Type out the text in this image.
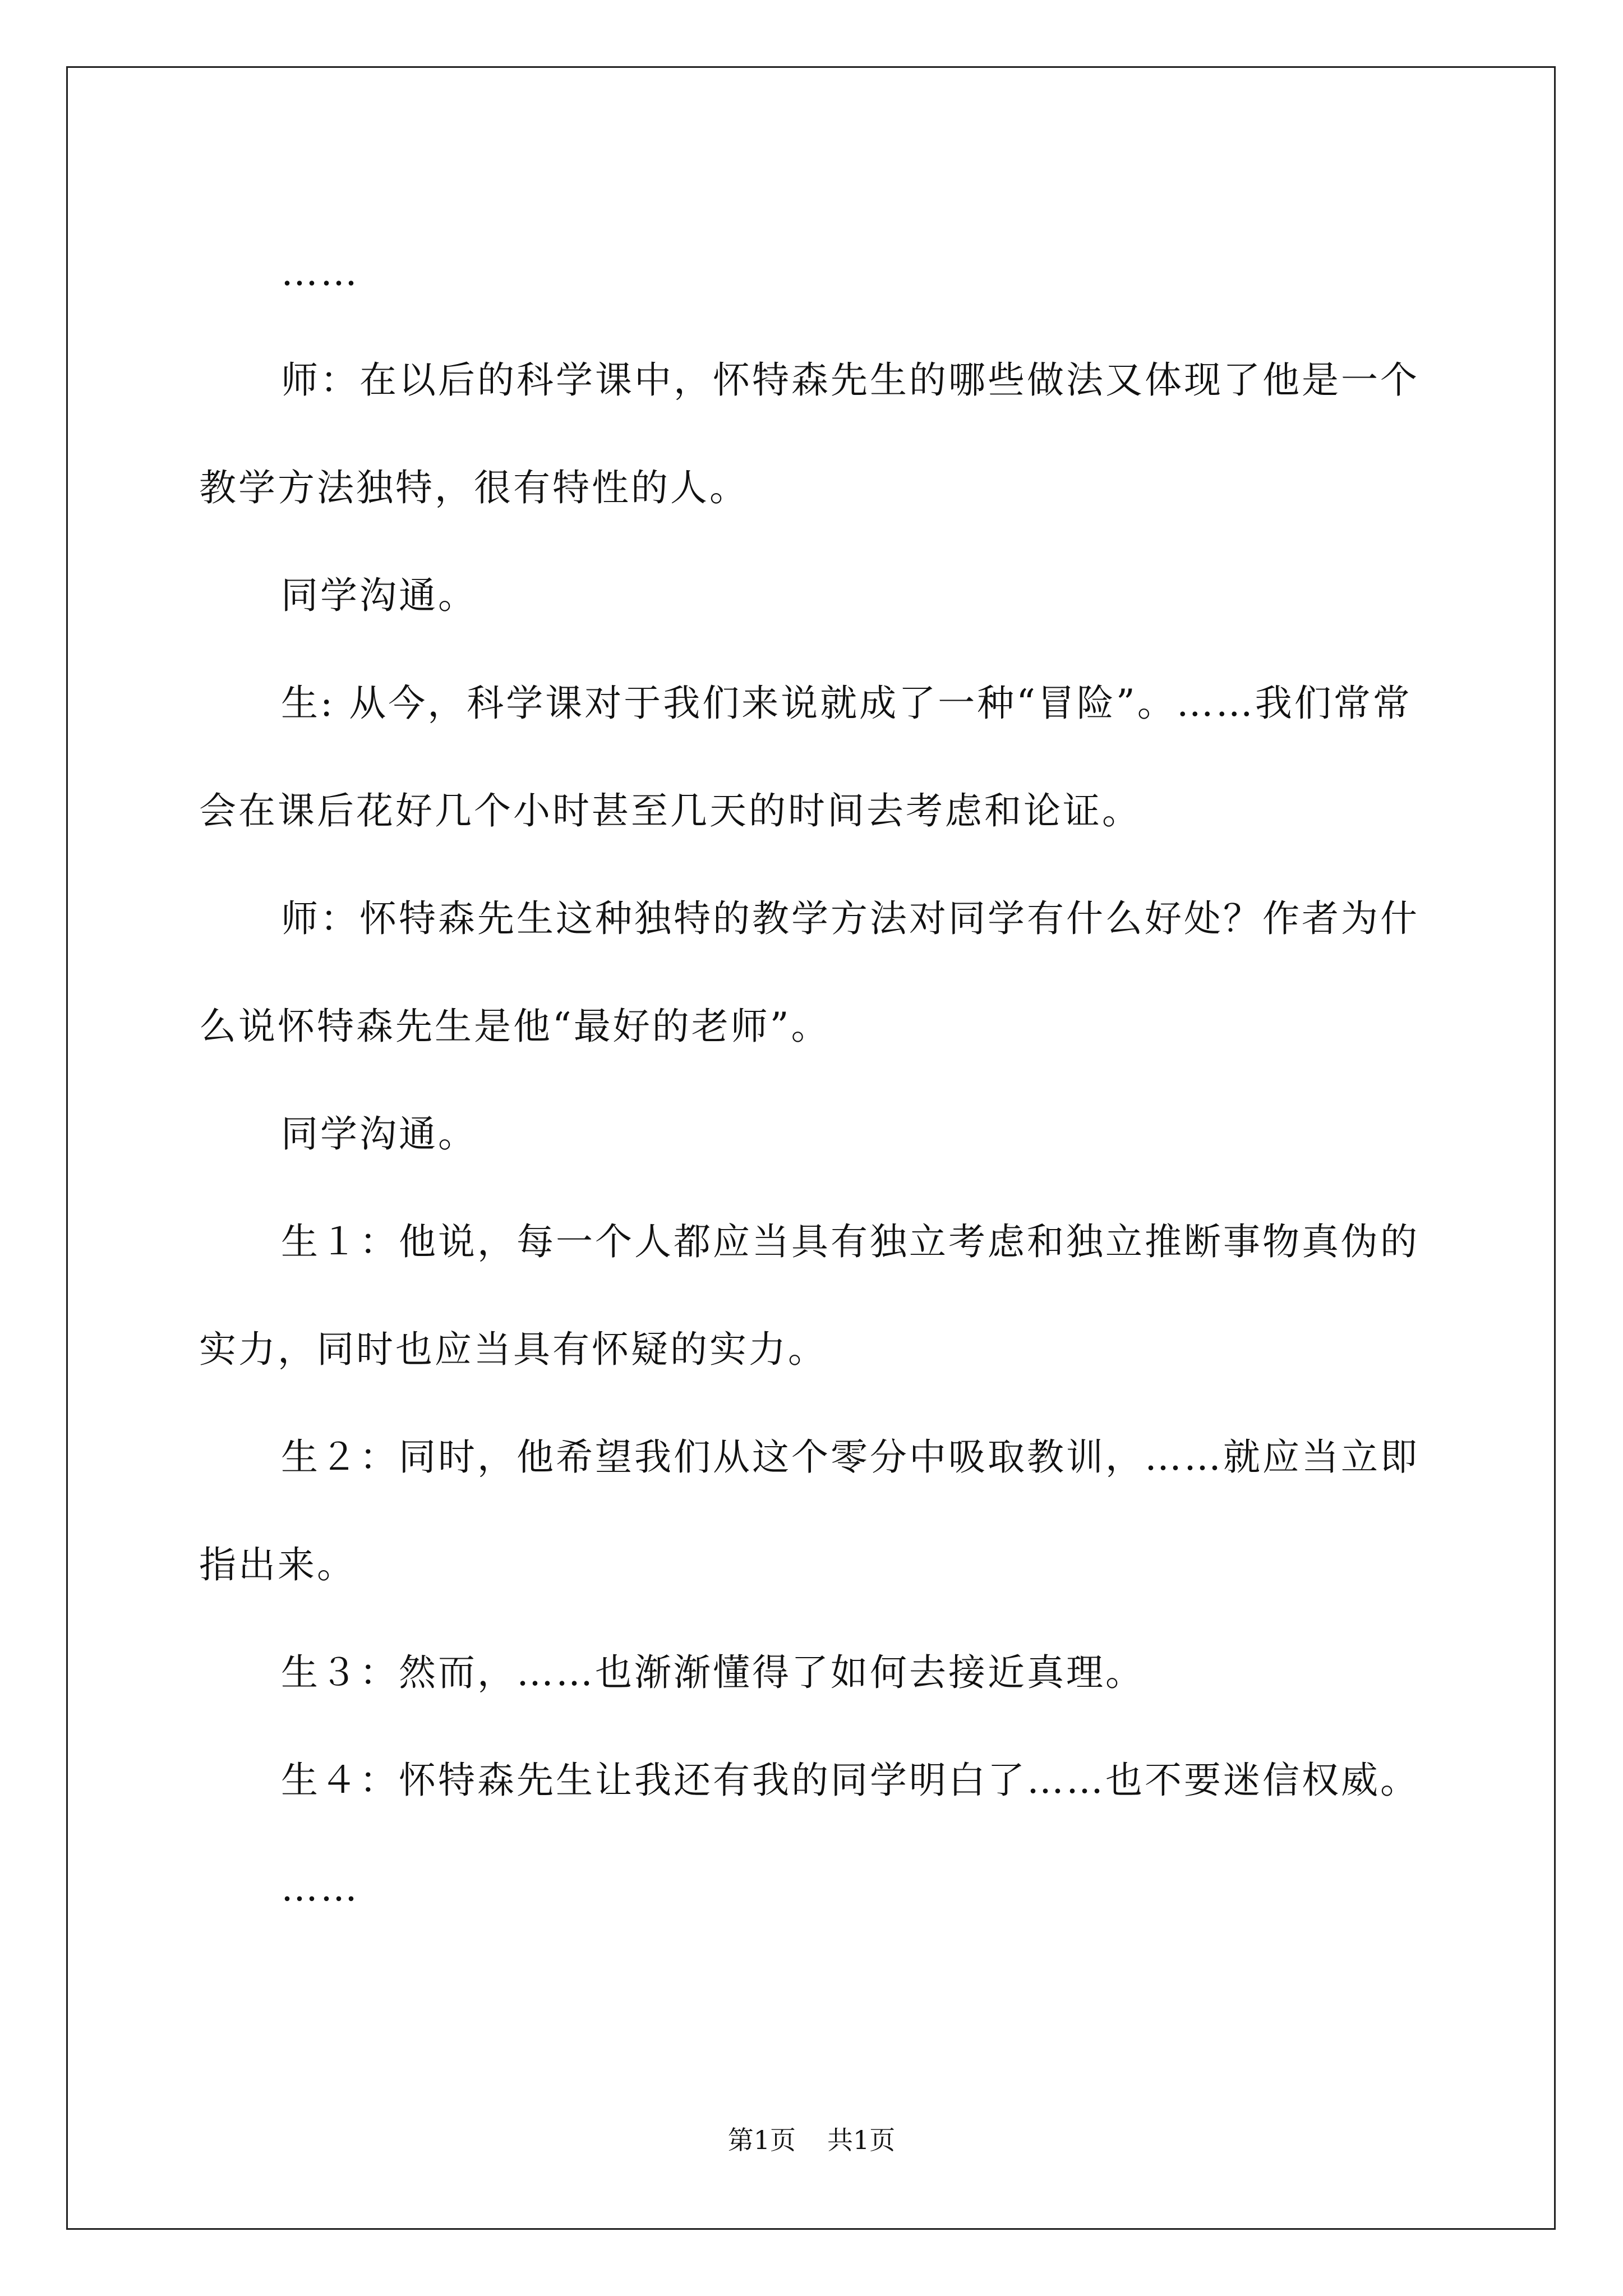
……

师：在以后的科学课中，怀特森先生的哪些做法又体现了他是一个教学方法独特，很有特性的人。

同学沟通。

生: 从今，科学课对于我们来说就成了一种“冒险”。……我们常常会在课后花好几个小时甚至几天的时间去考虑和论证。

师：怀特森先生这种独特的教学方法对同学有什么好处？作者为什么说怀特森先生是他“最好的老师”。

同学沟通。

生１：他说，每一个人都应当具有独立考虑和独立推断事物真伪的实力，同时也应当具有怀疑的实力。

生２：同时，他希望我们从这个零分中吸取教训，……就应当立即指出来。

生３：然而，……也渐渐懂得了如何去接近真理。

生４：怀特森先生让我还有我的同学明白了……也不要迷信权威。

……

第1页 共1页
